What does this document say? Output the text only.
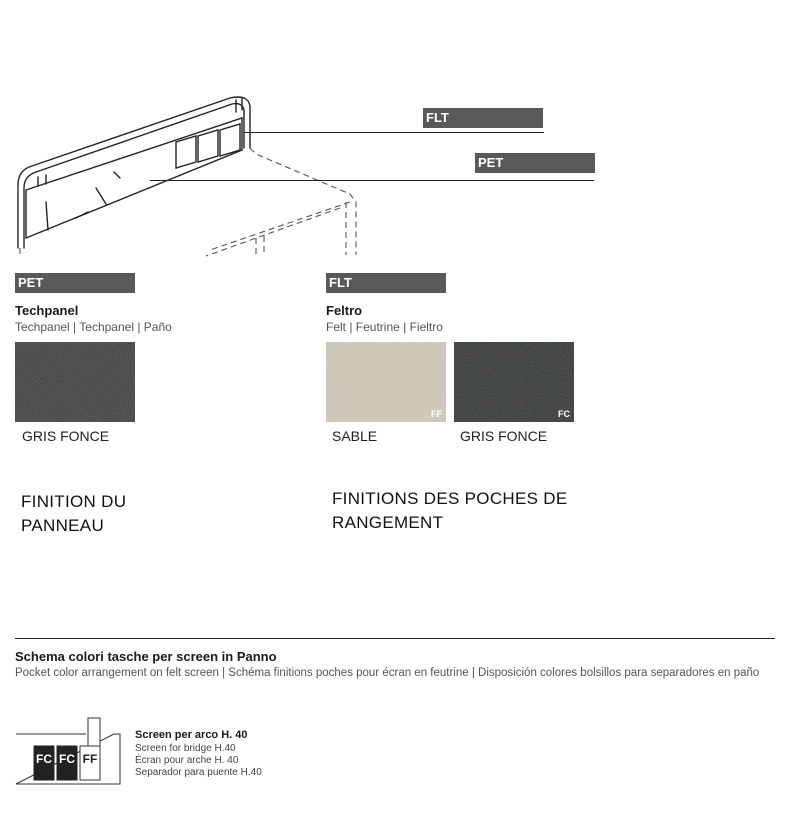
FLT
PET
PET
Techpanel
Techpanel | Techpanel | Paño
GRIS FONCE
FINITION DU
PANNEAU
FLT
Feltro
Felt | Feutrine | Fieltro
FF
SABLE
FC
GRIS FONCE
FINITIONS DES POCHES DE
RANGEMENT
Schema colori tasche per screen in Panno
Pocket color arrangement on felt screen | Schéma finitions poches pour écran en feutrine | Disposición colores bolsillos para separadores en paño
FC FC FF
Screen per arco H. 40
Screen for bridge H.40
Écran pour arche H. 40
Separador para puente H.40
